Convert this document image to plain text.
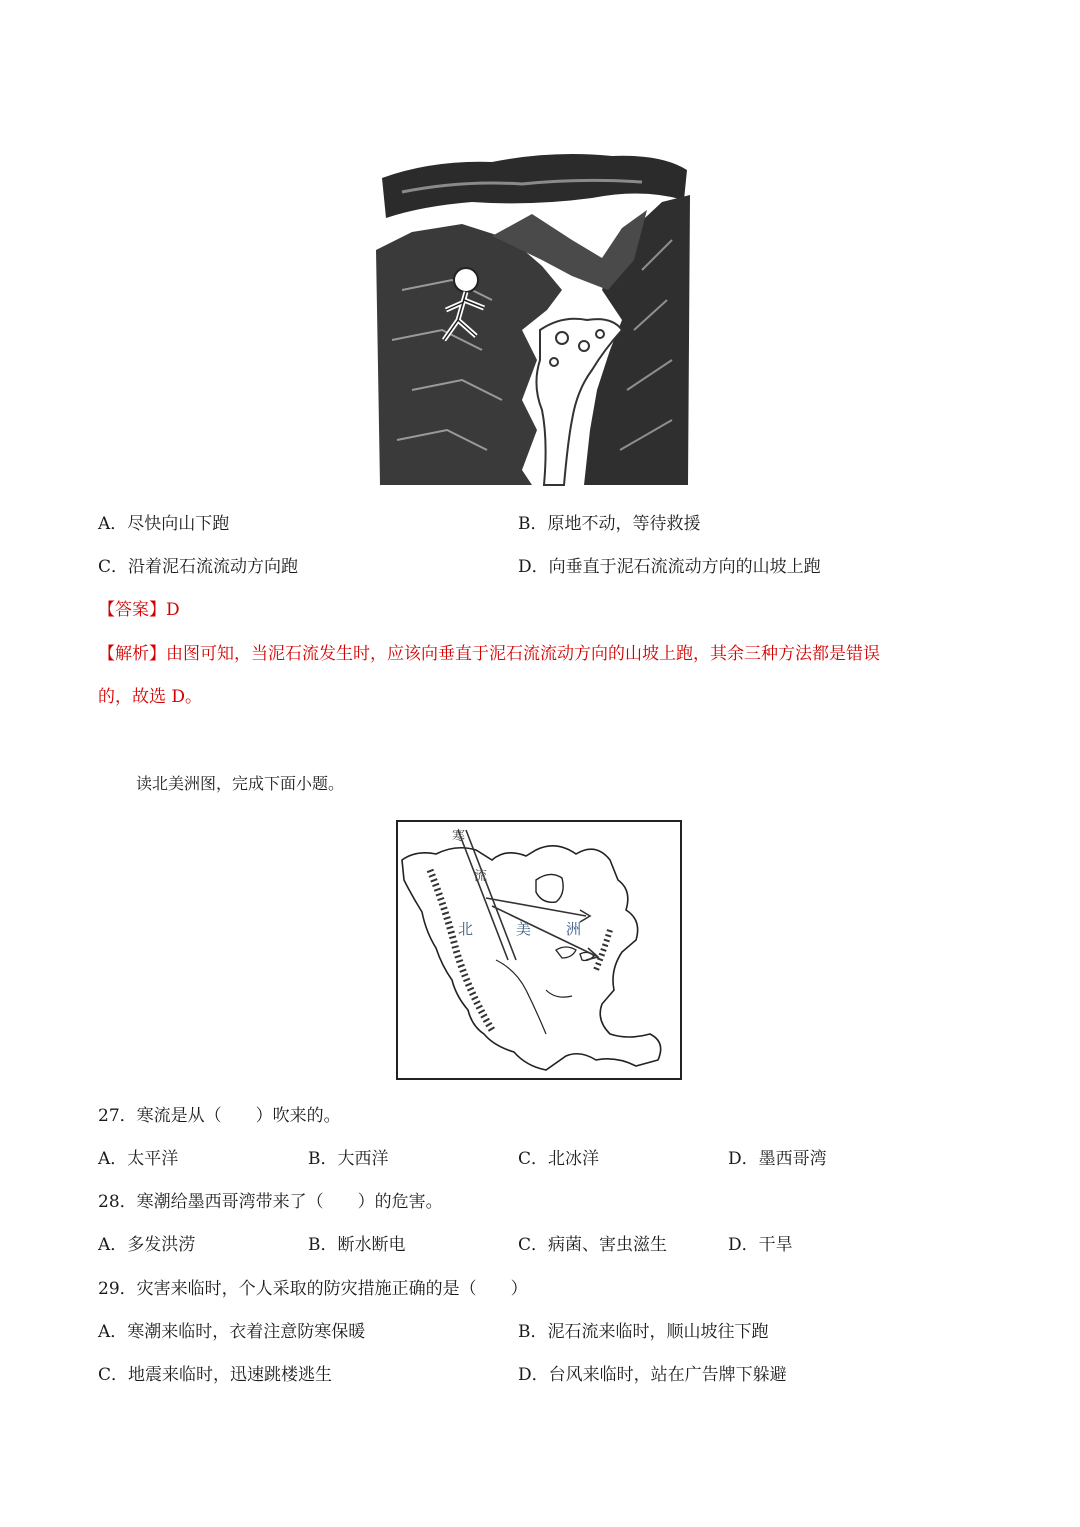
A．尽快向山下跑	B．原地不动，等待救援
C．沿着泥石流流动方向跑	D．向垂直于泥石流流动方向的山坡上跑
【答案】D
【解析】由图可知，当泥石流发生时，应该向垂直于泥石流流动方向的山坡上跑，其余三种方法都是错误
的，故选 D。
读北美洲图，完成下面小题。
寒
流
北	美 洲
27．寒流是从（　　）吹来的。
A．太平洋	B．大西洋	C．北冰洋	D．墨西哥湾
28．寒潮给墨西哥湾带来了（　　）的危害。
A．多发洪涝	B．断水断电	C．病菌、害虫滋生	D．干旱
29．灾害来临时，个人采取的防灾措施正确的是（　　）
A．寒潮来临时，衣着注意防寒保暖	B．泥石流来临时，顺山坡往下跑
C．地震来临时，迅速跳楼逃生	D．台风来临时，站在广告牌下躲避
